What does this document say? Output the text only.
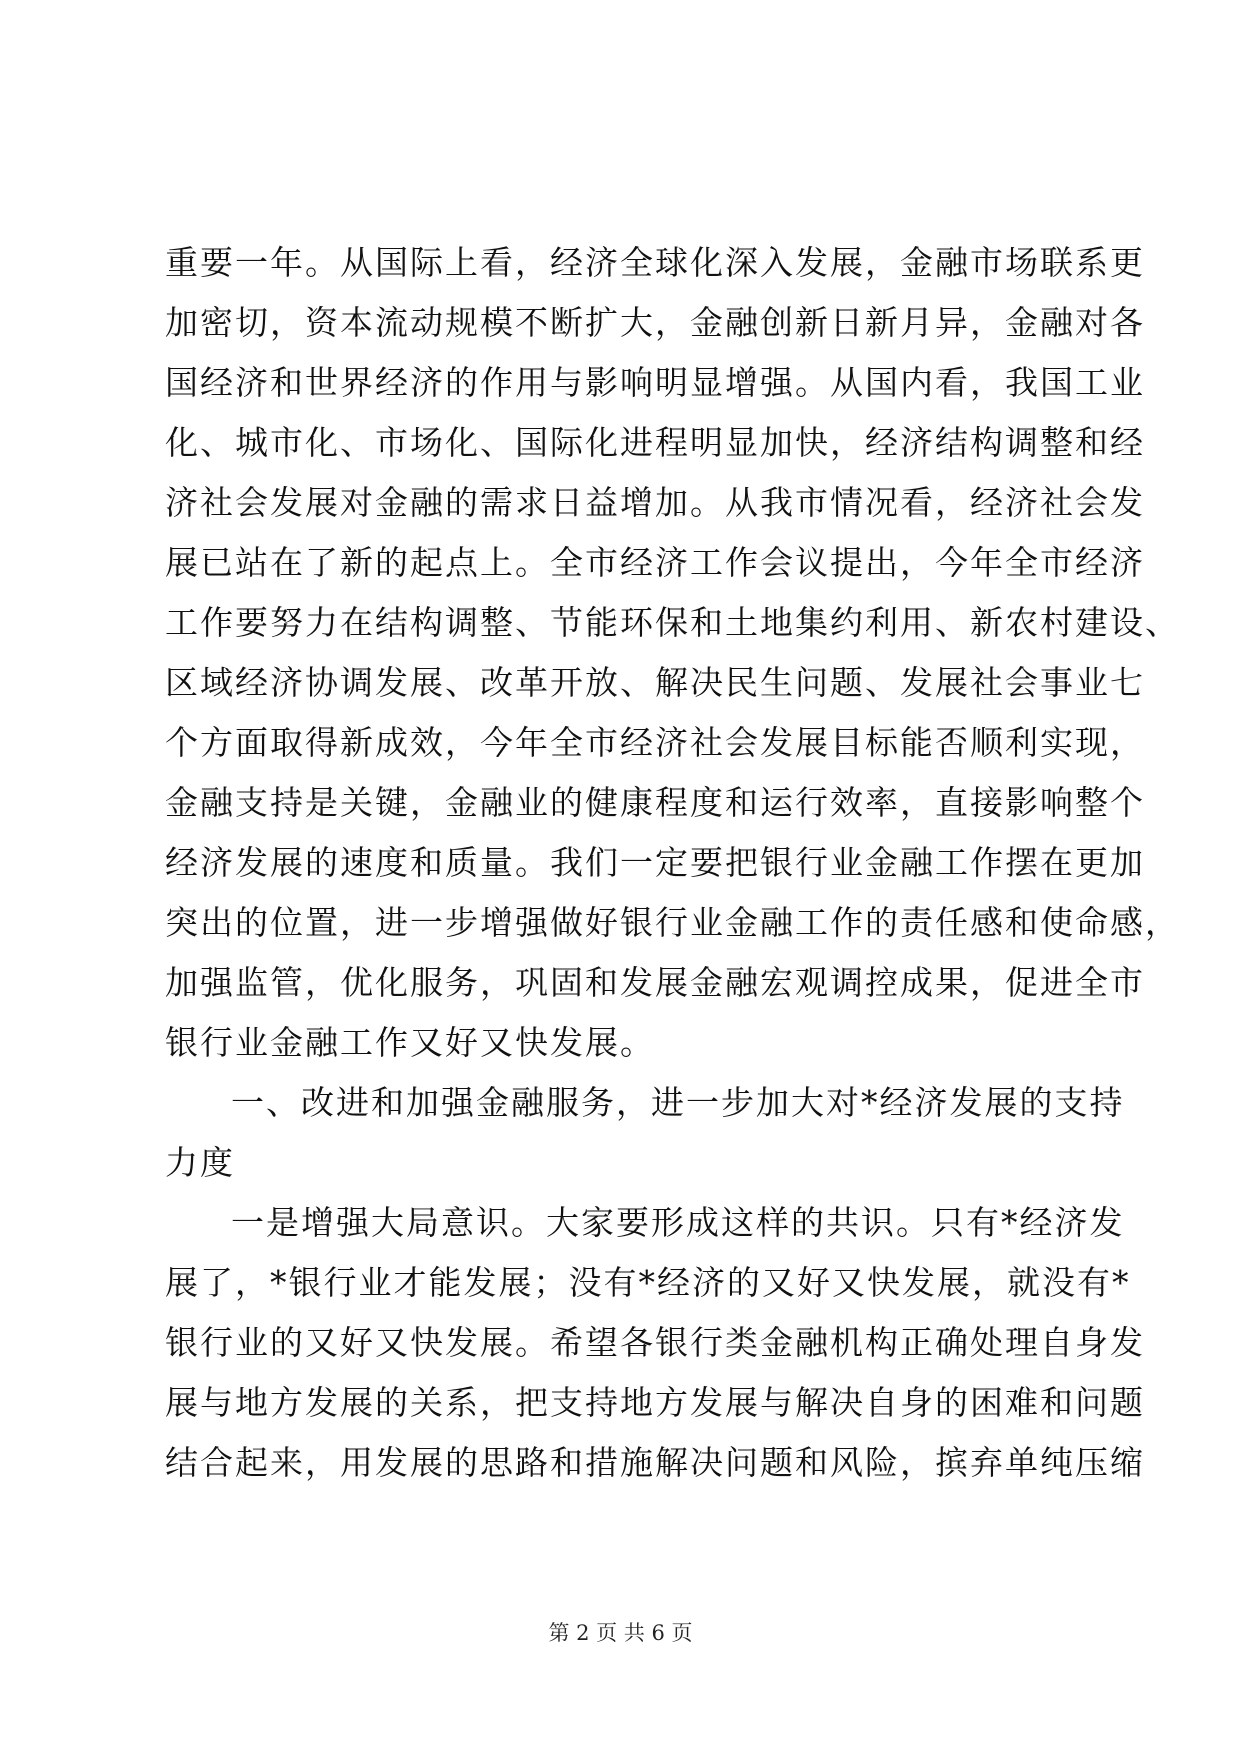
重要一年。从国际上看，经济全球化深入发展，金融市场联系更
加密切，资本流动规模不断扩大，金融创新日新月异，金融对各
国经济和世界经济的作用与影响明显增强。从国内看，我国工业
化、城市化、市场化、国际化进程明显加快，经济结构调整和经
济社会发展对金融的需求日益增加。从我市情况看，经济社会发
展已站在了新的起点上。全市经济工作会议提出，今年全市经济
工作要努力在结构调整、节能环保和土地集约利用、新农村建设、
区域经济协调发展、改革开放、解决民生问题、发展社会事业七
个方面取得新成效，今年全市经济社会发展目标能否顺利实现，
金融支持是关键，金融业的健康程度和运行效率，直接影响整个
经济发展的速度和质量。我们一定要把银行业金融工作摆在更加
突出的位置，进一步增强做好银行业金融工作的责任感和使命感，
加强监管，优化服务，巩固和发展金融宏观调控成果，促进全市
银行业金融工作又好又快发展。
一、改进和加强金融服务，进一步加大对*经济发展的支持
力度
一是增强大局意识。大家要形成这样的共识。只有*经济发
展了，*银行业才能发展；没有*经济的又好又快发展，就没有*
银行业的又好又快发展。希望各银行类金融机构正确处理自身发
展与地方发展的关系，把支持地方发展与解决自身的困难和问题
结合起来，用发展的思路和措施解决问题和风险，摈弃单纯压缩
第 2 页 共 6 页
